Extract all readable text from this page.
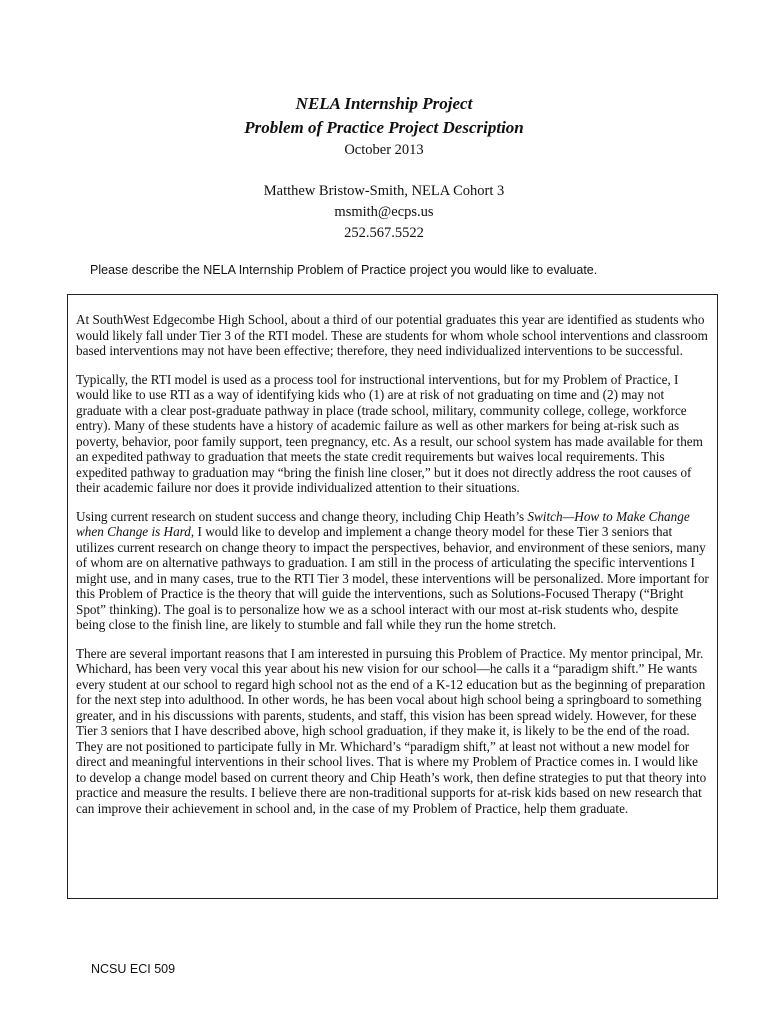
NELA Internship Project
Problem of Practice Project Description
October 2013
Matthew Bristow-Smith, NELA Cohort 3
msmith@ecps.us
252.567.5522
Please describe the NELA Internship Problem of Practice project you would like to evaluate.

At SouthWest Edgecombe High School, about a third of our potential graduates this year are identified as students who would likely fall under Tier 3 of the RTI model. These are students for whom whole school interventions and classroom based interventions may not have been effective; therefore, they need individualized interventions to be successful.

Typically, the RTI model is used as a process tool for instructional interventions, but for my Problem of Practice, I would like to use RTI as a way of identifying kids who (1) are at risk of not graduating on time and (2) may not graduate with a clear post-graduate pathway in place (trade school, military, community college, college, workforce entry). Many of these students have a history of academic failure as well as other markers for being at-risk such as poverty, behavior, poor family support, teen pregnancy, etc. As a result, our school system has made available for them an expedited pathway to graduation that meets the state credit requirements but waives local requirements. This expedited pathway to graduation may “bring the finish line closer,” but it does not directly address the root causes of their academic failure nor does it provide individualized attention to their situations.

Using current research on student success and change theory, including Chip Heath’s Switch—How to Make Change when Change is Hard, I would like to develop and implement a change theory model for these Tier 3 seniors that utilizes current research on change theory to impact the perspectives, behavior, and environment of these seniors, many of whom are on alternative pathways to graduation. I am still in the process of articulating the specific interventions I might use, and in many cases, true to the RTI Tier 3 model, these interventions will be personalized. More important for this Problem of Practice is the theory that will guide the interventions, such as Solutions-Focused Therapy (“Bright Spot” thinking). The goal is to personalize how we as a school interact with our most at-risk students who, despite being close to the finish line, are likely to stumble and fall while they run the home stretch.

There are several important reasons that I am interested in pursuing this Problem of Practice. My mentor principal, Mr. Whichard, has been very vocal this year about his new vision for our school—he calls it a “paradigm shift.” He wants every student at our school to regard high school not as the end of a K-12 education but as the beginning of preparation for the next step into adulthood. In other words, he has been vocal about high school being a springboard to something greater, and in his discussions with parents, students, and staff, this vision has been spread widely. However, for these Tier 3 seniors that I have described above, high school graduation, if they make it, is likely to be the end of the road. They are not positioned to participate fully in Mr. Whichard’s “paradigm shift,” at least not without a new model for direct and meaningful interventions in their school lives. That is where my Problem of Practice comes in. I would like to develop a change model based on current theory and Chip Heath’s work, then define strategies to put that theory into practice and measure the results. I believe there are non-traditional supports for at-risk kids based on new research that can improve their achievement in school and, in the case of my Problem of Practice, help them graduate.

NCSU ECI 509
